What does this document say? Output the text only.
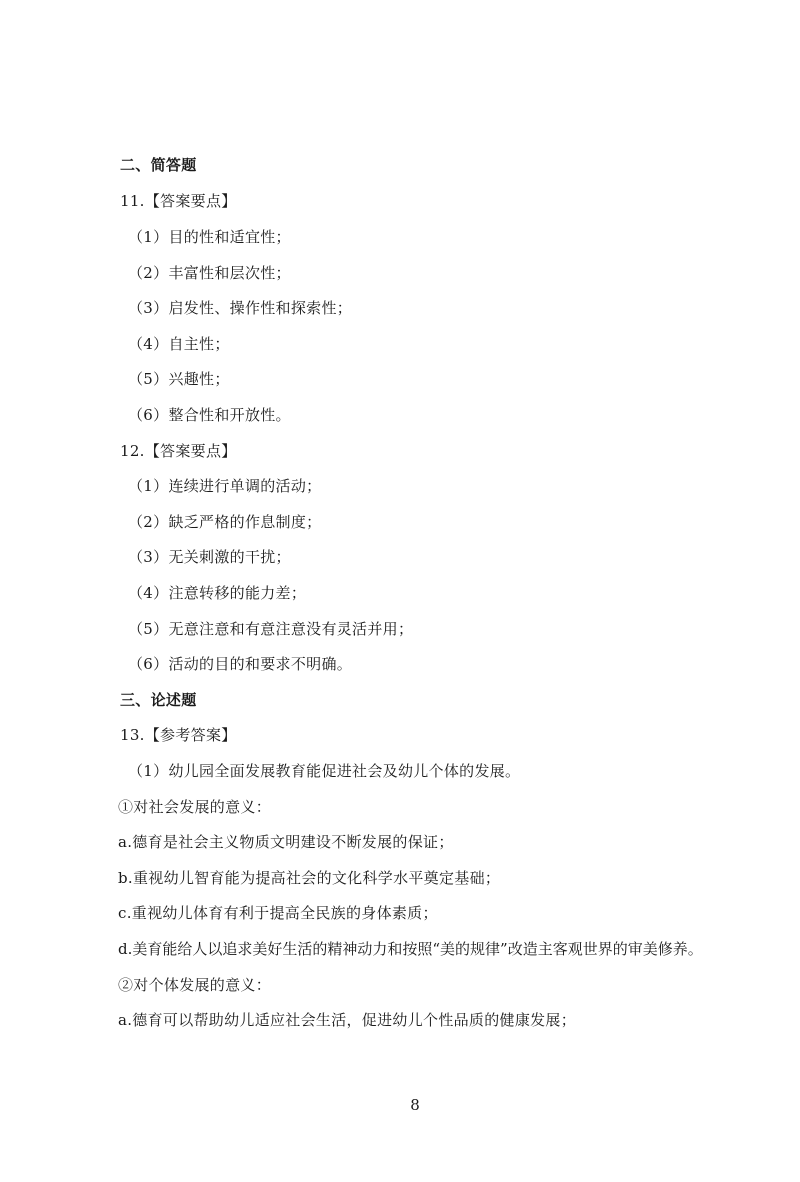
二、简答题
11.【答案要点】
（1）目的性和适宜性；
（2）丰富性和层次性；
（3）启发性、操作性和探索性；
（4）自主性；
（5）兴趣性；
（6）整合性和开放性。
12.【答案要点】
（1）连续进行单调的活动；
（2）缺乏严格的作息制度；
（3）无关刺激的干扰；
（4）注意转移的能力差；
（5）无意注意和有意注意没有灵活并用；
（6）活动的目的和要求不明确。
三、论述题
13.【参考答案】
（1）幼儿园全面发展教育能促进社会及幼儿个体的发展。
①对社会发展的意义：
a.德育是社会主义物质文明建设不断发展的保证；
b.重视幼儿智育能为提高社会的文化科学水平奠定基础；
c.重视幼儿体育有利于提高全民族的身体素质；
d.美育能给人以追求美好生活的精神动力和按照“美的规律”改造主客观世界的审美修养。
②对个体发展的意义：
a.德育可以帮助幼儿适应社会生活，促进幼儿个性品质的健康发展；
8
